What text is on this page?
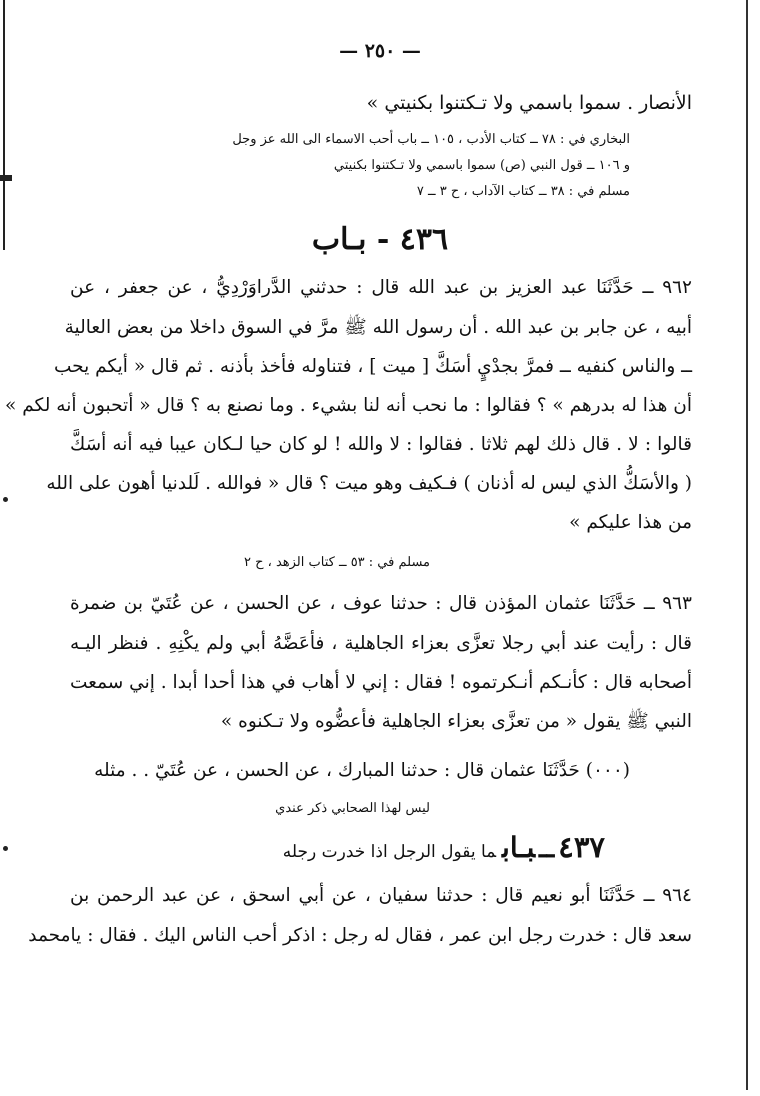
— ٢٥٠ —
الأنصار . سموا باسمي ولا تـكتنوا بكنيتي »
البخاري في : ٧٨ ــ كتاب الأدب ، ١٠٥ ــ باب أحب الاسماء الى الله عز وجل
و ١٠٦ ــ قول النبي (ص) سموا باسمي ولا تـكتنوا بكنيتي
مسلم في : ٣٨ ــ كتاب الآداب ، ح ٣ ــ ٧
٤٣٦ - بـاب
٩٦٢ ــ حَدَّثَنَا عبد العزيز بن عبد الله قال : حدثني الدَّراوَرْدِيُّ ، عن جعفر ، عن
أبيه ، عن جابر بن عبد الله . أن رسول الله ﷺ مرَّ في السوق داخلا من بعض العالية
ــ والناس كنفيه ــ فمرَّ بجدْيٍ أسَكَّ [ ميت ] ، فتناوله فأخذ بأذنه . ثم قال « أيكم يحب
أن هذا له بدرهم » ؟ فقالوا : ما نحب أنه لنا بشيء . وما نصنع به ؟ قال « أتحبون أنه لكم »
قالوا : لا . قال ذلك لهم ثلاثا . فقالوا : لا والله ! لو كان حيا لـكان عيبا فيه أنه أسَكَّ
( والأسَكُّ الذي ليس له أذنان ) فـكيف وهو ميت ؟ قال « فوالله . لَلدنيا أهون على الله
من هذا عليكم »
مسلم في : ٥٣ ــ كتاب الزهد ، ح ٢
٩٦٣ ــ حَدَّثَنَا عثمان المؤذن قال : حدثنا عوف ، عن الحسن ، عن عُتَيّ بن ضمرة
قال : رأيت عند أبي رجلا تعزَّى بعزاء الجاهلية ، فأعَضَّهُ أبي ولم يكْنِهِ . فنظر اليـه
أصحابه قال : كأنـكم أنـكرتموه ! فقال : إني لا أهاب في هذا أحدا أبدا . إني سمعت
النبي ﷺ يقول « من تعزَّى بعزاء الجاهلية فأعضُّوه ولا تـكنوه »
(٠٠٠) حَدَّثَنَا عثمان قال : حدثنا المبارك ، عن الحسن ، عن عُتَيّ . . مثله
ليس لهذا الصحابي ذكر عندي
٤٣٧ــبـابما يقول الرجل اذا خدرت رجله
٩٦٤ ــ حَدَّثَنَا أبو نعيم قال : حدثنا سفيان ، عن أبي اسحق ، عن عبد الرحمن بن
سعد قال : خدرت رجل ابن عمر ، فقال له رجل : اذكر أحب الناس اليك . فقال : يامحمد
